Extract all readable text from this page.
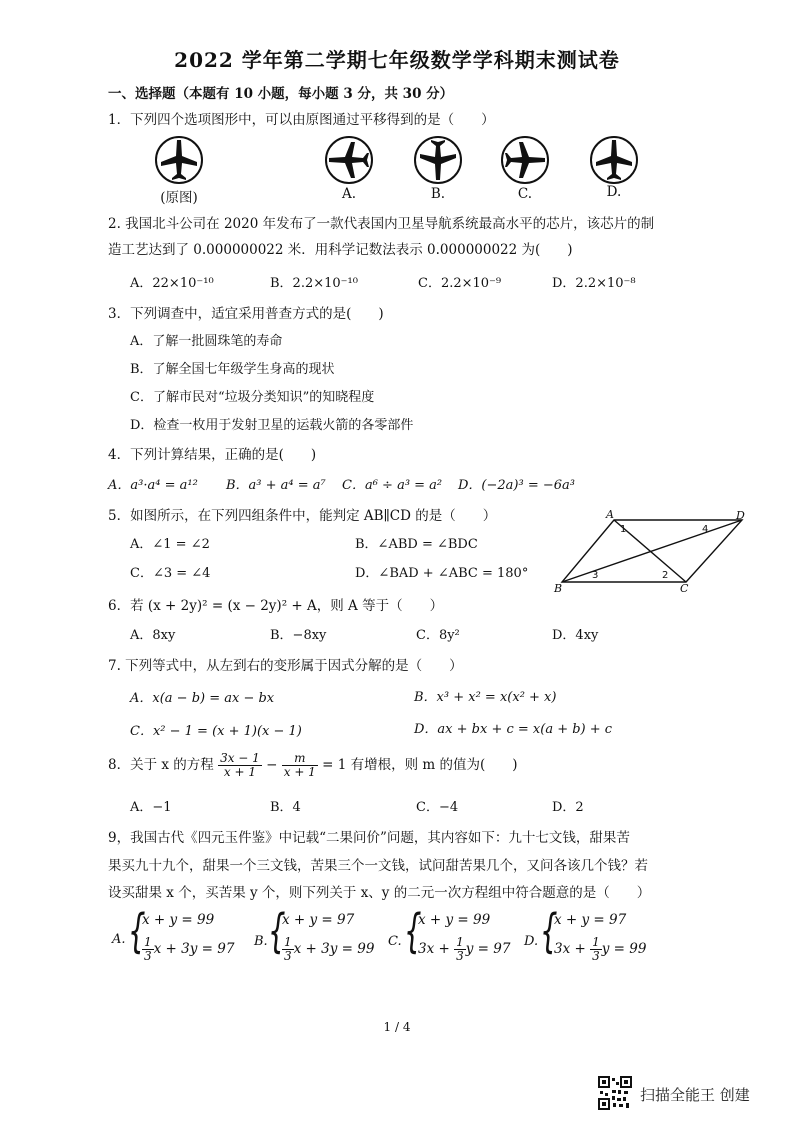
2022 学年第二学期七年级数学学科期末测试卷
一、选择题（本题有 10 小题，每小题 3 分，共 30 分）
1．下列四个选项图形中，可以由原图通过平移得到的是（　　）
(原图)	A.	B.	C.	D.
2. 我国北斗公司在 2020 年发布了一款代表国内卫星导航系统最高水平的芯片，该芯片的制
造工艺达到了 0.000000022 米．用科学记数法表示 0.000000022 为(　　)
A．22×10⁻¹⁰	B．2.2×10⁻¹⁰	C．2.2×10⁻⁹	D．2.2×10⁻⁸
3．下列调查中，适宜采用普查方式的是(　　)
A．了解一批圆珠笔的寿命
B．了解全国七年级学生身高的现状
C．了解市民对“垃圾分类知识”的知晓程度
D．检查一枚用于发射卫星的运载火箭的各零部件
4．下列计算结果，正确的是(　　)
A．a³·a⁴ = a¹² B．a³ + a⁴ = a⁷ C．a⁶ ÷ a³ = a² D．(−2a)³ = −6a³
5．如图所示，在下列四组条件中，能判定 AB∥CD 的是（　　）
A．∠1 = ∠2	B．∠ABD = ∠BDC
C．∠3 = ∠4	D．∠BAD + ∠ABC = 180°
A	D
B	C
1
2
3
4
6．若 (x + 2y)² = (x − 2y)² + A，则 A 等于（　　）
A．8xy	B．−8xy	C．8y²	D．4xy
7. 下列等式中，从左到右的变形属于因式分解的是（　　）
A．x(a − b) = ax − bx	B．x³ + x² = x(x² + x)
C．x² − 1 = (x + 1)(x − 1)	D．ax + bx + c = x(a + b) + c
8．关于 x 的方程 $\frac{3x - 1}{x + 1} - \frac{m}{x + 1} = 1$ 有增根，则 m 的值为(　　)
A．−1	B．4	C．−4	D．2
9，我国古代《四元玉件鉴》中记载“二果问价”问题，其内容如下：九十七文钱，甜果苦
果买九十九个，甜果一个三文钱，苦果三个一文钱，试问甜苦果几个，又问各该几个钱？若
设买甜果 x 个，买苦果 y 个，则下列关于 x、y 的二元一次方程组中符合题意的是（　　）
A. {
x + y = 99
$\frac{1}{3}$ x + 3y = 97 B. {
x + y = 97
$\frac{1}{3}$ x + 3y = 99 C. {
x + y = 99
$3x + \frac{1}{3}$ y = 97 D. {
x + y = 97
$3x + \frac{1}{3}$ y = 99
1 / 4
扫描全能王 创建
